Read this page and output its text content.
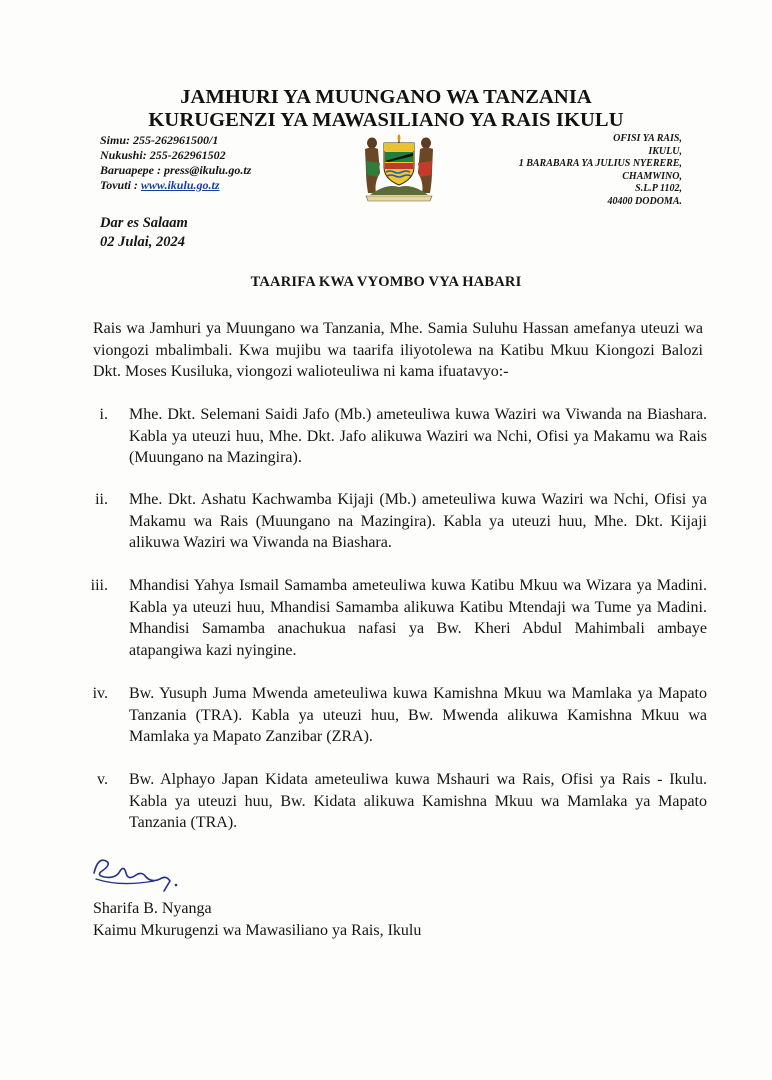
JAMHURI YA MUUNGANO WA TANZANIA
KURUGENZI YA MAWASILIANO YA RAIS IKULU
Simu: 255-262961500/1
Nukushi: 255-262961502
Baruapepe : press@ikulu.go.tz
Tovuti : www.ikulu.go.tz
OFISI YA RAIS,
IKULU,
1 BARABARA YA JULIUS NYERERE,
CHAMWINO,
S.L.P 1102,
40400 DODOMA.
Dar es Salaam
02 Julai, 2024
TAARIFA KWA VYOMBO VYA HABARI
Rais wa Jamhuri ya Muungano wa Tanzania, Mhe. Samia Suluhu Hassan amefanya uteuzi wa viongozi mbalimbali. Kwa mujibu wa taarifa iliyotolewa na Katibu Mkuu Kiongozi Balozi Dkt. Moses Kusiluka, viongozi walioteuliwa ni kama ifuatavyo:-
i. Mhe. Dkt. Selemani Saidi Jafo (Mb.) ameteuliwa kuwa Waziri wa Viwanda na Biashara. Kabla ya uteuzi huu, Mhe. Dkt. Jafo alikuwa Waziri wa Nchi, Ofisi ya Makamu wa Rais (Muungano na Mazingira).
ii. Mhe. Dkt. Ashatu Kachwamba Kijaji (Mb.) ameteuliwa kuwa Waziri wa Nchi, Ofisi ya Makamu wa Rais (Muungano na Mazingira). Kabla ya uteuzi huu, Mhe. Dkt. Kijaji alikuwa Waziri wa Viwanda na Biashara.
iii. Mhandisi Yahya Ismail Samamba ameteuliwa kuwa Katibu Mkuu wa Wizara ya Madini. Kabla ya uteuzi huu, Mhandisi Samamba alikuwa Katibu Mtendaji wa Tume ya Madini. Mhandisi Samamba anachukua nafasi ya Bw. Kheri Abdul Mahimbali ambaye atapangiwa kazi nyingine.
iv. Bw. Yusuph Juma Mwenda ameteuliwa kuwa Kamishna Mkuu wa Mamlaka ya Mapato Tanzania (TRA). Kabla ya uteuzi huu, Bw. Mwenda alikuwa Kamishna Mkuu wa Mamlaka ya Mapato Zanzibar (ZRA).
v. Bw. Alphayo Japan Kidata ameteuliwa kuwa Mshauri wa Rais, Ofisi ya Rais - Ikulu. Kabla ya uteuzi huu, Bw. Kidata alikuwa Kamishna Mkuu wa Mamlaka ya Mapato Tanzania (TRA).
Sharifa B. Nyanga
Kaimu Mkurugenzi wa Mawasiliano ya Rais, Ikulu
